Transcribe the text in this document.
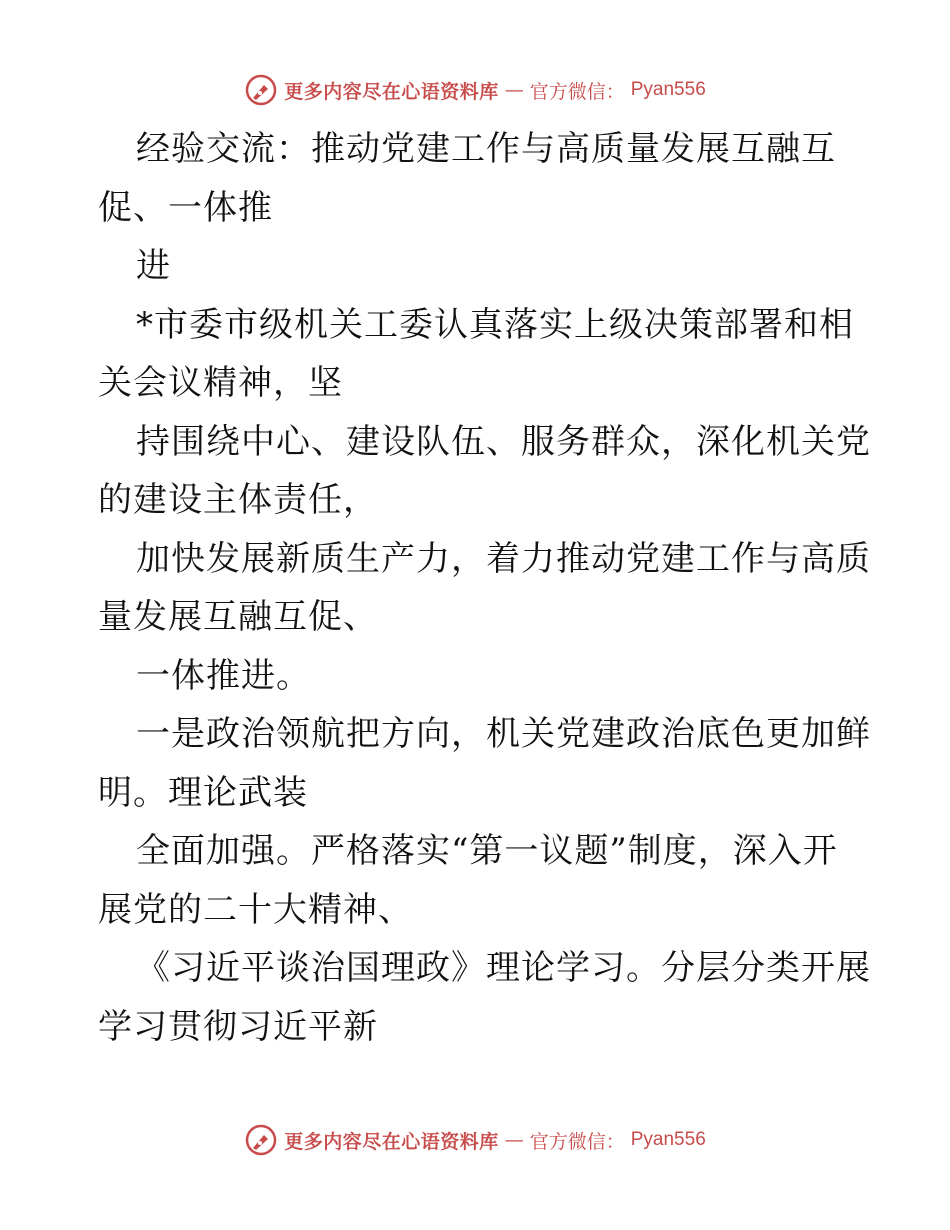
更多内容尽在心语资料库 — 官方微信： Pyan556
经验交流：推动党建工作与高质量发展互融互
促、一体推
进
*市委市级机关工委认真落实上级决策部署和相
关会议精神，坚
持围绕中心、建设队伍、服务群众，深化机关党
的建设主体责任，
加快发展新质生产力，着力推动党建工作与高质
量发展互融互促、
一体推进。
一是政治领航把方向，机关党建政治底色更加鲜
明。理论武装
全面加强。严格落实“第一议题”制度，深入开
展党的二十大精神、
《习近平谈治国理政》理论学习。分层分类开展
学习贯彻习近平新
更多内容尽在心语资料库 — 官方微信： Pyan556
